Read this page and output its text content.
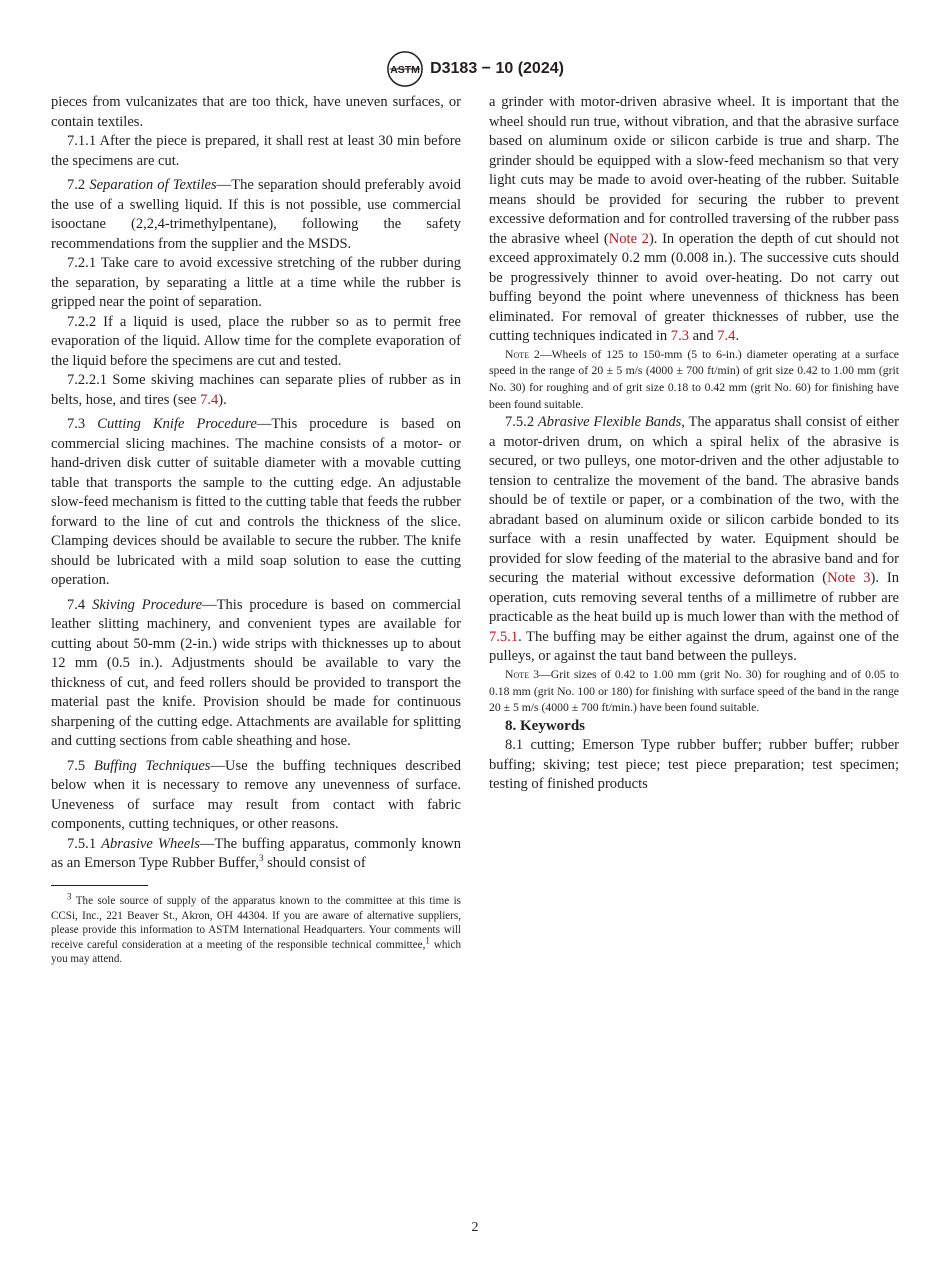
ASTM D3183 − 10 (2024)

pieces from vulcanizates that are too thick, have uneven surfaces, or contain textiles.

7.1.1 After the piece is prepared, it shall rest at least 30 min before the specimens are cut.

7.2 Separation of Textiles—The separation should preferably avoid the use of a swelling liquid. If this is not possible, use commercial isooctane (2,2,4-trimethylpentane), following the safety recommendations from the supplier and the MSDS.

7.2.1 Take care to avoid excessive stretching of the rubber during the separation, by separating a little at a time while the rubber is gripped near the point of separation.

7.2.2 If a liquid is used, place the rubber so as to permit free evaporation of the liquid. Allow time for the complete evaporation of the liquid before the specimens are cut and tested.

7.2.2.1 Some skiving machines can separate plies of rubber as in belts, hose, and tires (see 7.4).

7.3 Cutting Knife Procedure—This procedure is based on commercial slicing machines. The machine consists of a motor- or hand-driven disk cutter of suitable diameter with a movable cutting table that transports the sample to the cutting edge. An adjustable slow-feed mechanism is fitted to the cutting table that feeds the rubber forward to the line of cut and controls the thickness of the slice. Clamping devices should be available to secure the rubber. The knife should be lubricated with a mild soap solution to ease the cutting operation.

7.4 Skiving Procedure—This procedure is based on commercial leather slitting machinery, and convenient types are available for cutting about 50-mm (2-in.) wide strips with thicknesses up to about 12 mm (0.5 in.). Adjustments should be available to vary the thickness of cut, and feed rollers should be provided to transport the material past the knife. Provision should be made for continuous sharpening of the cutting edge. Attachments are available for splitting and cutting sections from cable sheathing and hose.

7.5 Buffing Techniques—Use the buffing techniques described below when it is necessary to remove any unevenness of surface. Uneveness of surface may result from contact with fabric components, cutting techniques, or other reasons.

7.5.1 Abrasive Wheels—The buffing apparatus, commonly known as an Emerson Type Rubber Buffer,$^3$ should consist of

$^3$ The sole source of supply of the apparatus known to the committee at this time is CCSi, Inc., 221 Beaver St., Akron, OH 44304. If you are aware of alternative suppliers, please provide this information to ASTM International Headquarters. Your comments will receive careful consideration at a meeting of the responsible technical committee,$^1$ which you may attend.

a grinder with motor-driven abrasive wheel. It is important that the wheel should run true, without vibration, and that the abrasive surface based on aluminum oxide or silicon carbide is true and sharp. The grinder should be equipped with a slow-feed mechanism so that very light cuts may be made to avoid over-heating of the rubber. Suitable means should be provided for securing the rubber to prevent excessive deformation and for controlled traversing of the rubber pass the abrasive wheel (Note 2). In operation the depth of cut should not exceed approximately 0.2 mm (0.008 in.). The successive cuts should be progressively thinner to avoid over-heating. Do not carry out buffing beyond the point where unevenness of thickness has been eliminated. For removal of greater thicknesses of rubber, use the cutting techniques indicated in 7.3 and 7.4.

Note 2—Wheels of 125 to 150-mm (5 to 6-in.) diameter operating at a surface speed in the range of 20 ± 5 m/s (4000 ± 700 ft/min) of grit size 0.42 to 1.00 mm (grit No. 30) for roughing and of grit size 0.18 to 0.42 mm (grit No. 60) for finishing have been found suitable.

7.5.2 Abrasive Flexible Bands, The apparatus shall consist of either a motor-driven drum, on which a spiral helix of the abrasive is secured, or two pulleys, one motor-driven and the other adjustable to tension to centralize the movement of the band. The abrasive bands should be of textile or paper, or a combination of the two, with the abradant based on aluminum oxide or silicon carbide bonded to its surface with a resin unaffected by water. Equipment should be provided for slow feeding of the material to the abrasive band and for securing the material without excessive deformation (Note 3). In operation, cuts removing several tenths of a millimetre of rubber are practicable as the heat build up is much lower than with the method of 7.5.1. The buffing may be either against the drum, against one of the pulleys, or against the taut band between the pulleys.

Note 3—Grit sizes of 0.42 to 1.00 mm (grit No. 30) for roughing and of 0.05 to 0.18 mm (grit No. 100 or 180) for finishing with surface speed of the band in the range 20 ± 5 m/s (4000 ± 700 ft/min.) have been found suitable.

8. Keywords

8.1 cutting; Emerson Type rubber buffer; rubber buffer; rubber buffing; skiving; test piece; test piece preparation; test specimen; testing of finished products

2
